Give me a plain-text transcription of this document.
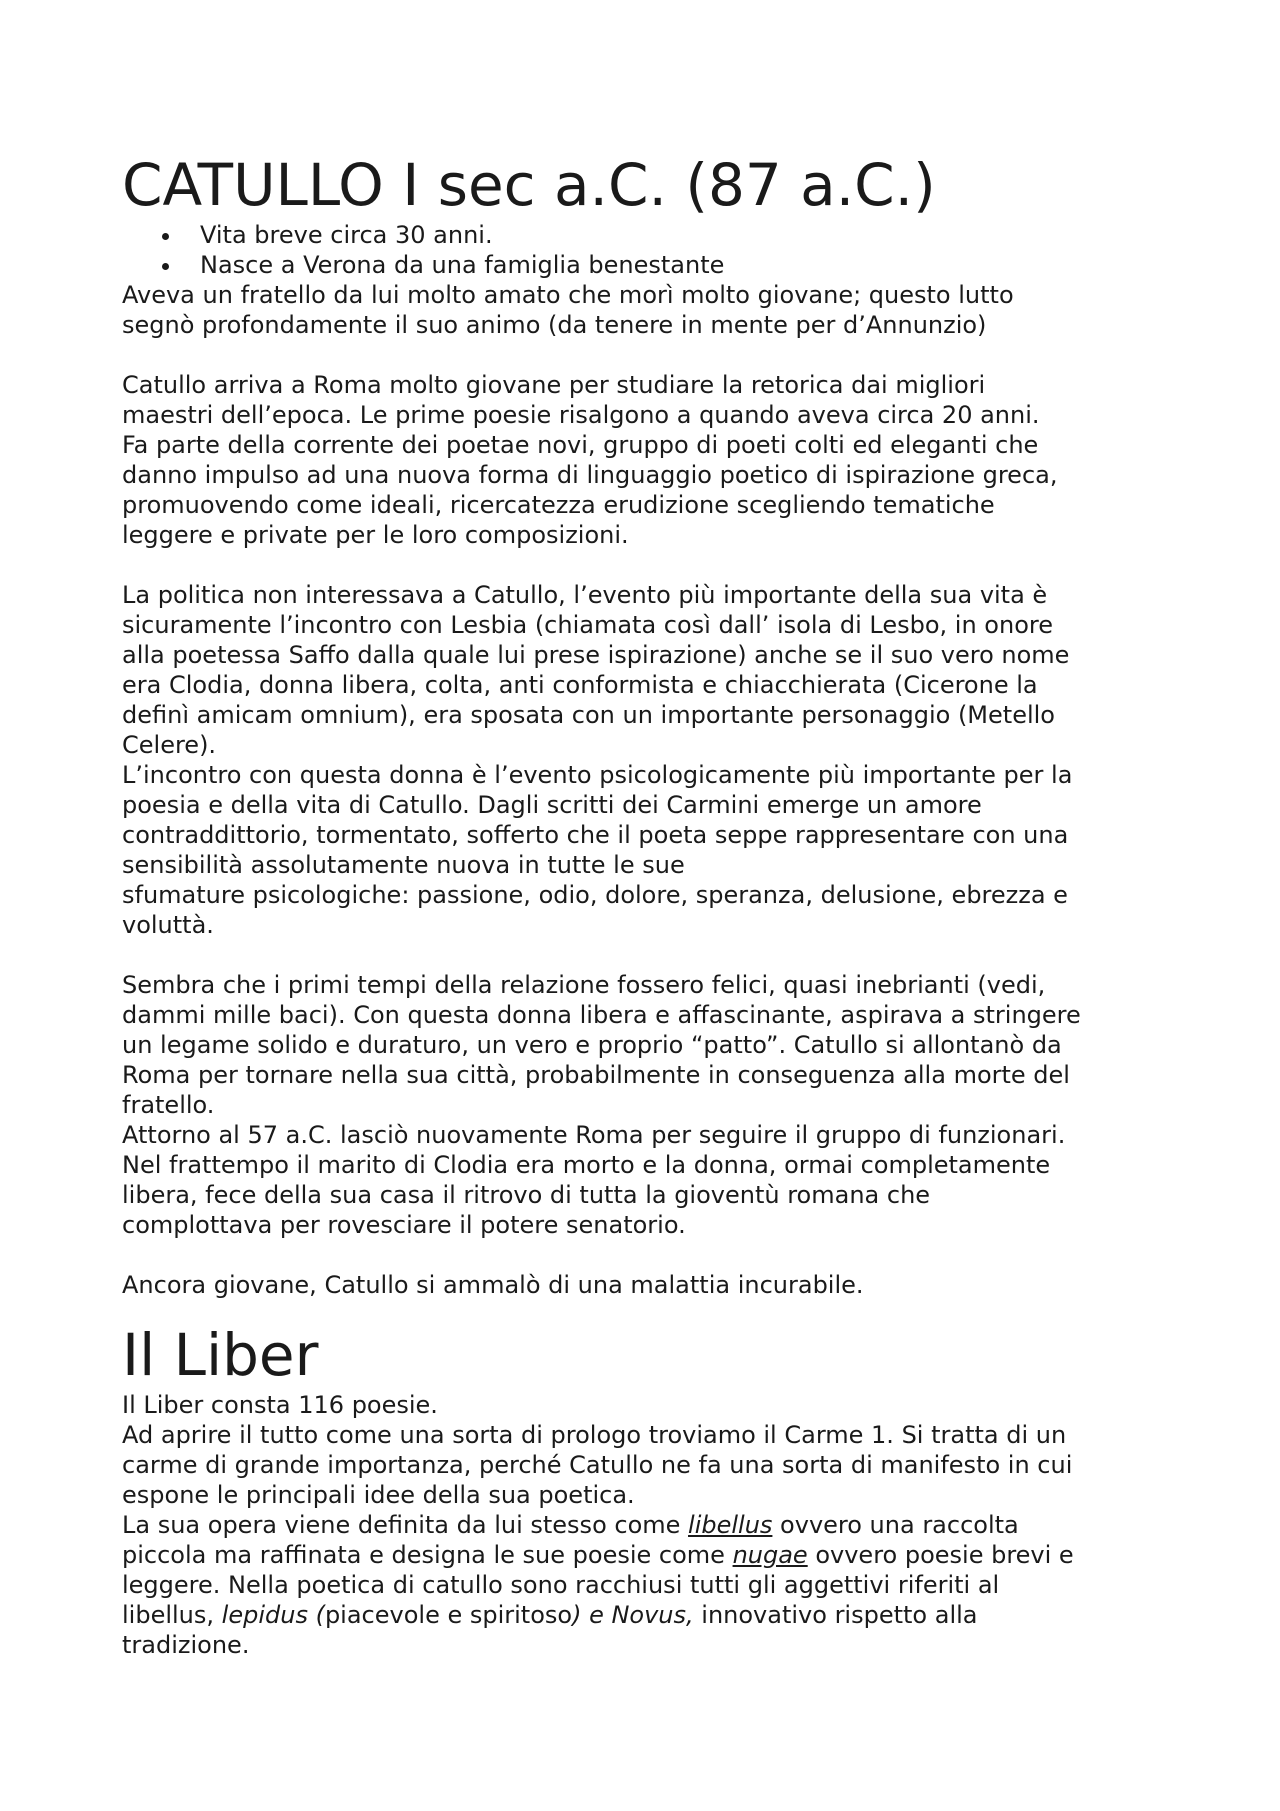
CATULLO I sec a.C. (87 a.C.)
Vita breve circa 30 anni.
Nasce a Verona da una famiglia benestante
Aveva un fratello da lui molto amato che morì molto giovane; questo lutto
segnò profondamente il suo animo (da tenere in mente per d’Annunzio)
Catullo arriva a Roma molto giovane per studiare la retorica dai migliori
maestri dell’epoca. Le prime poesie risalgono a quando aveva circa 20 anni.
Fa parte della corrente dei poetae novi, gruppo di poeti colti ed eleganti che
danno impulso ad una nuova forma di linguaggio poetico di ispirazione greca,
promuovendo come ideali, ricercatezza erudizione scegliendo tematiche
leggere e private per le loro composizioni.
La politica non interessava a Catullo, l’evento più importante della sua vita è
sicuramente l’incontro con Lesbia (chiamata così dall’ isola di Lesbo, in onore
alla poetessa Saffo dalla quale lui prese ispirazione) anche se il suo vero nome
era Clodia, donna libera, colta, anti conformista e chiacchierata (Cicerone la
definì amicam omnium), era sposata con un importante personaggio (Metello
Celere).
L’incontro con questa donna è l’evento psicologicamente più importante per la
poesia e della vita di Catullo. Dagli scritti dei Carmini emerge un amore
contraddittorio, tormentato, sofferto che il poeta seppe rappresentare con una
sensibilità assolutamente nuova in tutte le sue
sfumature psicologiche: passione, odio, dolore, speranza, delusione, ebrezza e
voluttà.
Sembra che i primi tempi della relazione fossero felici, quasi inebrianti (vedi,
dammi mille baci). Con questa donna libera e affascinante, aspirava a stringere
un legame solido e duraturo, un vero e proprio “patto”. Catullo si allontanò da
Roma per tornare nella sua città, probabilmente in conseguenza alla morte del
fratello.
Attorno al 57 a.C. lasciò nuovamente Roma per seguire il gruppo di funzionari.
Nel frattempo il marito di Clodia era morto e la donna, ormai completamente
libera, fece della sua casa il ritrovo di tutta la gioventù romana che
complottava per rovesciare il potere senatorio.
Ancora giovane, Catullo si ammalò di una malattia incurabile.
Il Liber
Il Liber consta 116 poesie.
Ad aprire il tutto come una sorta di prologo troviamo il Carme 1. Si tratta di un
carme di grande importanza, perché Catullo ne fa una sorta di manifesto in cui
espone le principali idee della sua poetica.
La sua opera viene definita da lui stesso come libellus ovvero una raccolta
piccola ma raffinata e designa le sue poesie come nugae ovvero poesie brevi e
leggere. Nella poetica di catullo sono racchiusi tutti gli aggettivi riferiti al
libellus, lepidus (piacevole e spiritoso) e Novus, innovativo rispetto alla
tradizione.
